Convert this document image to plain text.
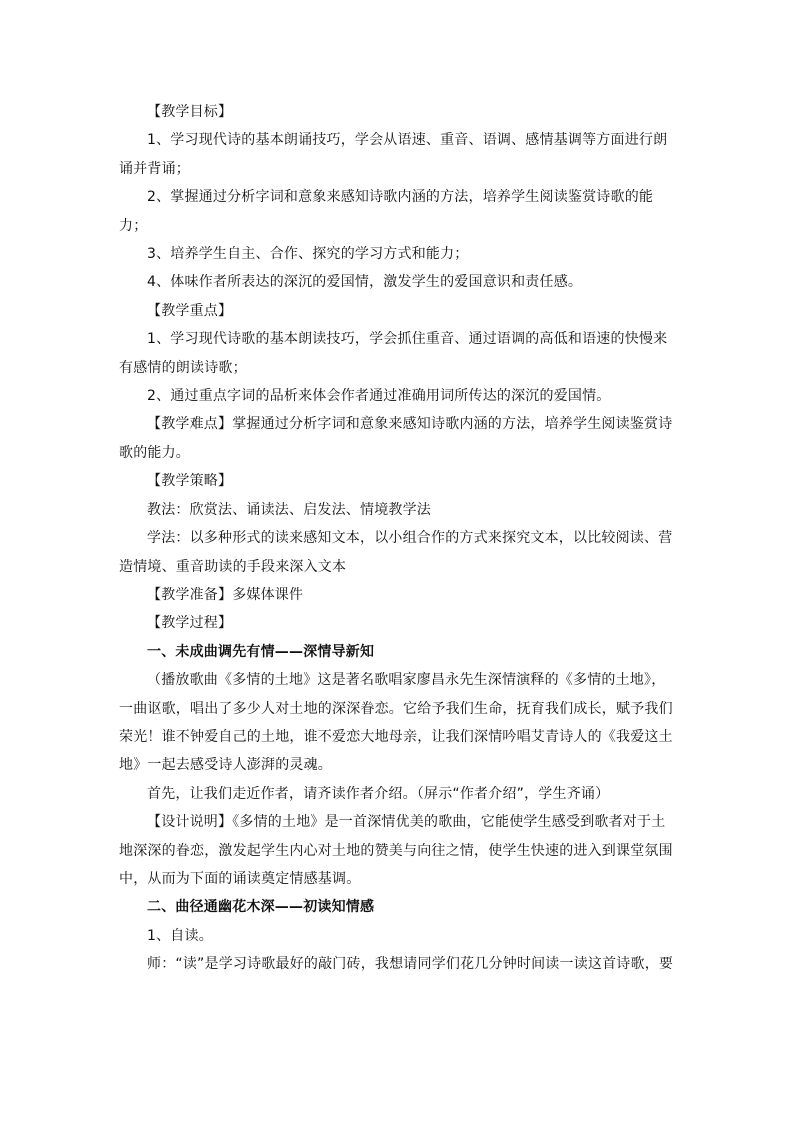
【教学目标】

1、学习现代诗的基本朗诵技巧，学会从语速、重音、语调、感情基调等方面进行朗诵并背诵；

2、掌握通过分析字词和意象来感知诗歌内涵的方法，培养学生阅读鉴赏诗歌的能力；

3、培养学生自主、合作、探究的学习方式和能力；

4、体味作者所表达的深沉的爱国情，激发学生的爱国意识和责任感。

【教学重点】

1、学习现代诗歌的基本朗读技巧，学会抓住重音、通过语调的高低和语速的快慢来有感情的朗读诗歌；

2、通过重点字词的品析来体会作者通过准确用词所传达的深沉的爱国情。

【教学难点】掌握通过分析字词和意象来感知诗歌内涵的方法，培养学生阅读鉴赏诗歌的能力。

【教学策略】

教法：欣赏法、诵读法、启发法、情境教学法

学法：以多种形式的读来感知文本，以小组合作的方式来探究文本，以比较阅读、营造情境、重音助读的手段来深入文本

【教学准备】多媒体课件

【教学过程】

一、未成曲调先有情——深情导新知

（播放歌曲《多情的土地》这是著名歌唱家廖昌永先生深情演释的《多情的土地》，一曲讴歌，唱出了多少人对土地的深深眷恋。它给予我们生命，抚育我们成长，赋予我们荣光！谁不钟爱自己的土地，谁不爱恋大地母亲，让我们深情吟唱艾青诗人的《我爱这土地》一起去感受诗人澎湃的灵魂。

首先，让我们走近作者，请齐读作者介绍。（屏示“作者介绍”，学生齐诵）

【设计说明】《多情的土地》是一首深情优美的歌曲，它能使学生感受到歌者对于土地深深的眷恋，激发起学生内心对土地的赞美与向往之情，使学生快速的进入到课堂氛围中，从而为下面的诵读奠定情感基调。

二、曲径通幽花木深——初读知情感

1、自读。

师：“读”是学习诗歌最好的敲门砖，我想请同学们花几分钟时间读一读这首诗歌，要
